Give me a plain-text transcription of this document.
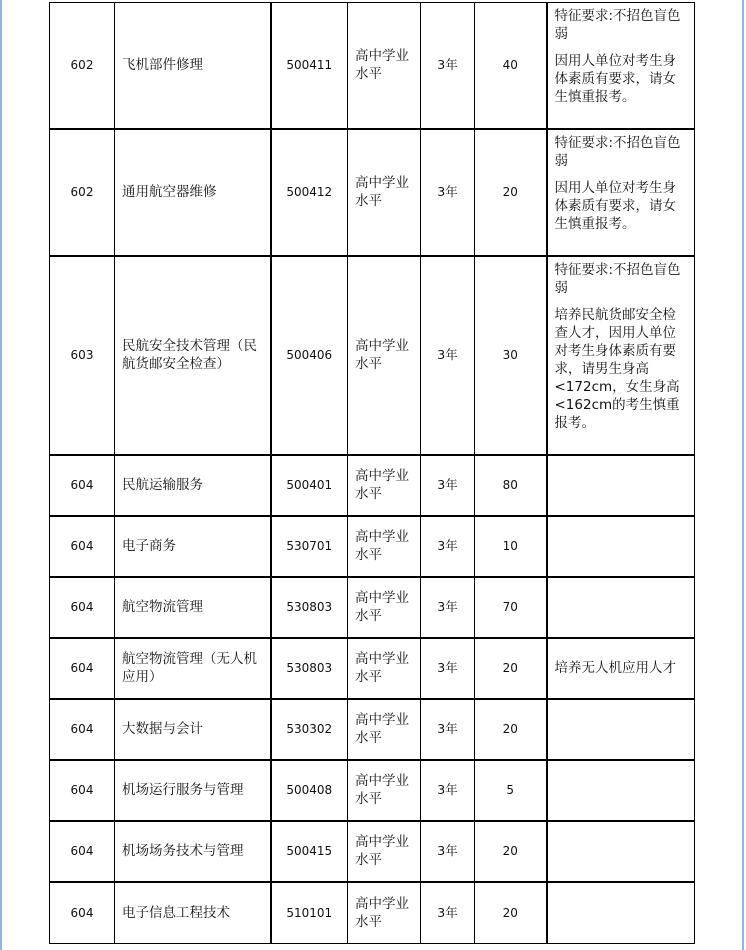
602	飞机部件修理	500411	高中学业水平	3年	40	特征要求:不招色盲色弱

因用人单位对考生身体素质有要求，请女生慎重报考。

602	通用航空器维修	500412	高中学业水平	3年	20	特征要求:不招色盲色弱

因用人单位对考生身体素质有要求，请女生慎重报考。

603	民航安全技术管理（民航货邮安全检查）	500406	高中学业水平	3年	30	特征要求:不招色盲色弱

培养民航货邮安全检查人才，因用人单位对考生身体素质有要求，请男生身高<172cm，女生身高<162cm的考生慎重报考。

604	民航运输服务	500401	高中学业水平	3年	80	
604	电子商务	530701	高中学业水平	3年	10	
604	航空物流管理	530803	高中学业水平	3年	70	
604	航空物流管理（无人机应用）	530803	高中学业水平	3年	20	培养无人机应用人才

604	大数据与会计	530302	高中学业水平	3年	20	
604	机场运行服务与管理	500408	高中学业水平	3年	5	
604	机场场务技术与管理	500415	高中学业水平	3年	20	
604	电子信息工程技术	510101	高中学业水平	3年	20	
